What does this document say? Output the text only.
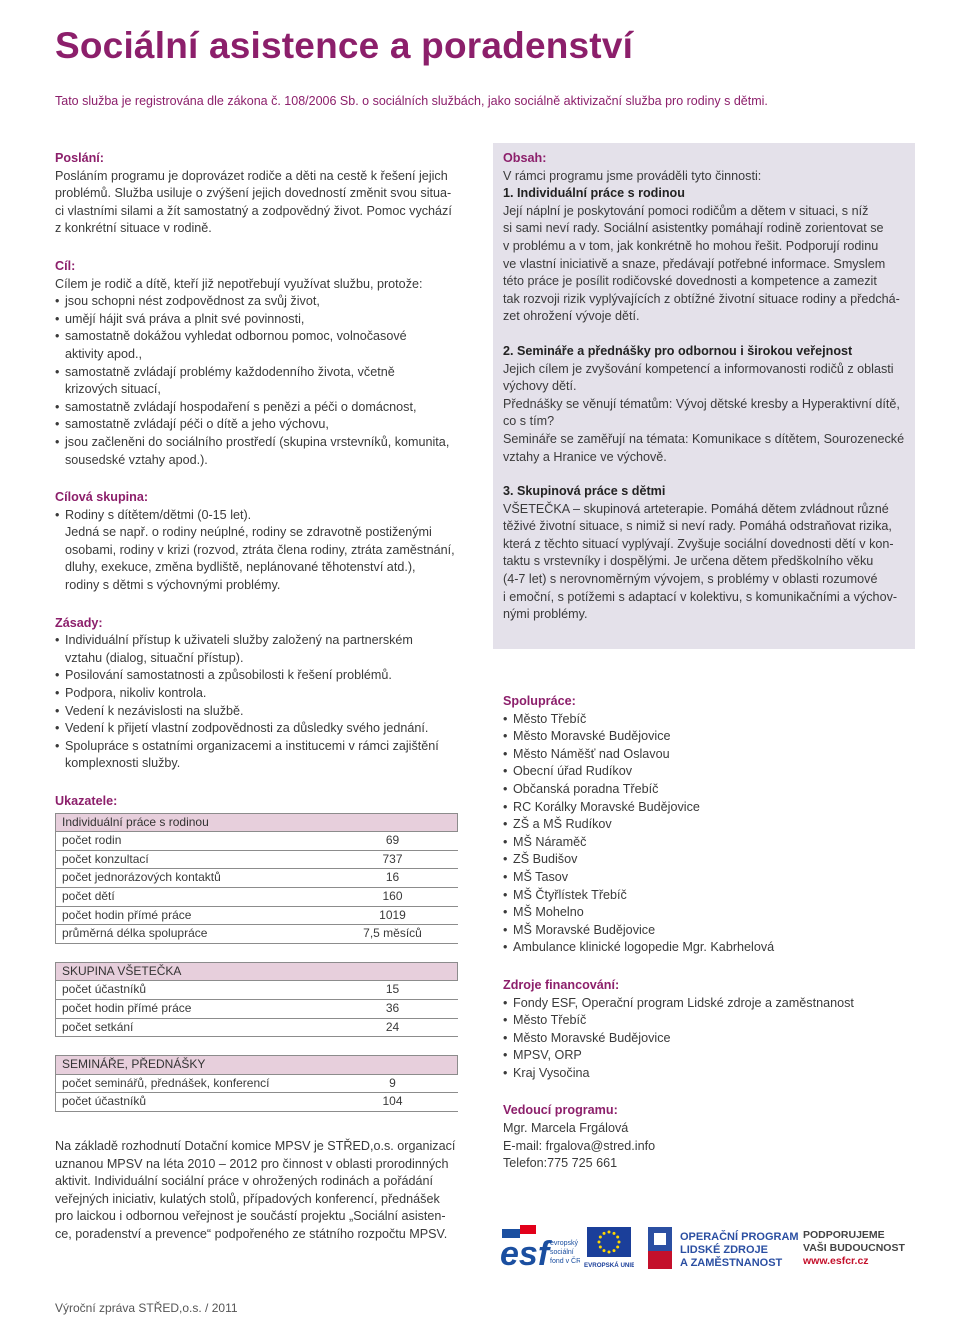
Sociální asistence a poradenství
Tato služba je registrována dle zákona č. 108/2006 Sb. o sociálních službách, jako sociálně aktivizační služba pro rodiny s dětmi.
Poslání:

Posláním programu je doprovázet rodiče a děti na cestě k řešení jejich

problémů. Služba usiluje o zvýšení jejich dovedností změnit svou situa-

ci vlastními silami a žít samostatný a zodpovědný život. Pomoc vychází

z konkrétní situace v rodině.

Cíl:

Cílem je rodič a dítě, kteří již nepotřebují využívat službu, protože:

• jsou schopni nést zodpovědnost za svůj život,
• umějí hájit svá práva a plnit své povinnosti,
• samostatně dokážou vyhledat odbornou pomoc, volnočasové
aktivity apod.,
• samostatně zvládají problémy každodenního života, včetně
krizových situací,
• samostatně zvládají hospodaření s penězi a péči o domácnost,
• samostatně zvládají péči o dítě a jeho výchovu,
• jsou začleněni do sociálního prostředí (skupina vrstevníků, komunita,
sousedské vztahy apod.).
Cílová skupina:
• Rodiny s dítětem/dětmi (0-15 let).
Jedná se např. o rodiny neúplné, rodiny se zdravotně postiženými
osobami, rodiny v krizi (rozvod, ztráta člena rodiny, ztráta zaměstnání,
dluhy, exekuce, změna bydliště, neplánované těhotenství atd.),
rodiny s dětmi s výchovnými problémy.
Zásady:
• Individuální přístup k uživateli služby založený na partnerském
vztahu (dialog, situační přístup).
• Posilování samostatnosti a způsobilosti k řešení problémů.
• Podpora, nikoliv kontrola.
• Vedení k nezávislosti na službě.
• Vedení k přijetí vlastní zodpovědnosti za důsledky svého jednání.
• Spolupráce s ostatními organizacemi a institucemi v rámci zajištění
komplexnosti služby.
Ukazatele:
Individuální práce s rodinou	
počet rodin	69
počet konzultací	737
počet jednorázových kontaktů	16
počet dětí	160
počet hodin přímé práce	1019
průměrná délka spolupráce	7,5 měsíců
SKUPINA VŠETEČKA	
počet účastníků	15
počet hodin přímé práce	36
počet setkání	24
SEMINÁŘE, PŘEDNÁŠKY	
počet seminářů, přednášek, konferencí	9
počet účastníků	104

Na základě rozhodnutí Dotační komice MPSV je STŘED,o.s. organizací

uznanou MPSV na léta 2010 – 2012 pro činnost v oblasti prorodinných

aktivit. Individuální sociální práce v ohrožených rodinách a pořádání

veřejných iniciativ, kulatých stolů, případových konferencí, přednášek

pro laickou i odbornou veřejnost je součástí projektu „Sociální asisten-

ce, poradenství a prevence“ podpořeného ze státního rozpočtu MPSV.

Obsah:

V rámci programu jsme prováděli tyto činnosti:

1. Individuální práce s rodinou

Její náplní je poskytování pomoci rodičům a dětem v situaci, s níž

si sami neví rady. Sociální asistentky pomáhají rodině zorientovat se

v problému a v tom, jak konkrétně ho mohou řešit. Podporují rodinu

ve vlastní iniciativě a snaze, předávají potřebné informace. Smyslem

této práce je posílit rodičovské dovednosti a kompetence a zamezit

tak rozvoji rizik vyplývajících z obtížné životní situace rodiny a předchá-

zet ohrožení vývoje dětí.

2. Semináře a přednášky pro odbornou i širokou veřejnost

Jejich cílem je zvyšování kompetencí a informovanosti rodičů z oblasti

výchovy dětí.

Přednášky se věnují tématům: Vývoj dětské kresby a Hyperaktivní dítě,

co s tím?

Semináře se zaměřují na témata: Komunikace s dítětem, Sourozenecké

vztahy a Hranice ve výchově.

3. Skupinová práce s dětmi

VŠETEČKA – skupinová arteterapie. Pomáhá dětem zvládnout různé

těživé životní situace, s nimiž si neví rady. Pomáhá odstraňovat rizika,

která z těchto situací vyplývají. Zvyšuje sociální dovednosti dětí v kon-

taktu s vrstevníky i dospělými. Je určena dětem předškolního věku

(4-7 let) s nerovnoměrným vývojem, s problémy v oblasti rozumové

i emoční, s potížemi s adaptací v kolektivu, s komunikačními a výchov-

nými problémy.

Spolupráce:
• Město Třebíč
• Město Moravské Budějovice
• Město Náměšť nad Oslavou
• Obecní úřad Rudíkov
• Občanská poradna Třebíč
• RC Korálky Moravské Budějovice
• ZŠ a MŠ Rudíkov
• MŠ Náraměč
• ZŠ Budišov
• MŠ Tasov
• MŠ Čtyřlístek Třebíč
• MŠ Mohelno
• MŠ Moravské Budějovice
• Ambulance klinické logopedie Mgr. Kabrhelová
Zdroje financování:
• Fondy ESF, Operační program Lidské zdroje a zaměstnanost
• Město Třebíč
• Město Moravské Budějovice
• MPSV, ORP
• Kraj Vysočina
Vedoucí programu:

Mgr. Marcela Frgálová

E-mail: frgalova@stred.info

Telefon:775 725 661

esf evropský
sociální
fond v ČR
EVROPSKÁ UNIE
OPERAČNÍ PROGRAM
LIDSKÉ ZDROJE
A ZAMĚSTNANOST
PODPORUJEME
VAŠI BUDOUCNOST
www.esfcr.cz
Výroční zpráva STŘED,o.s. / 2011
